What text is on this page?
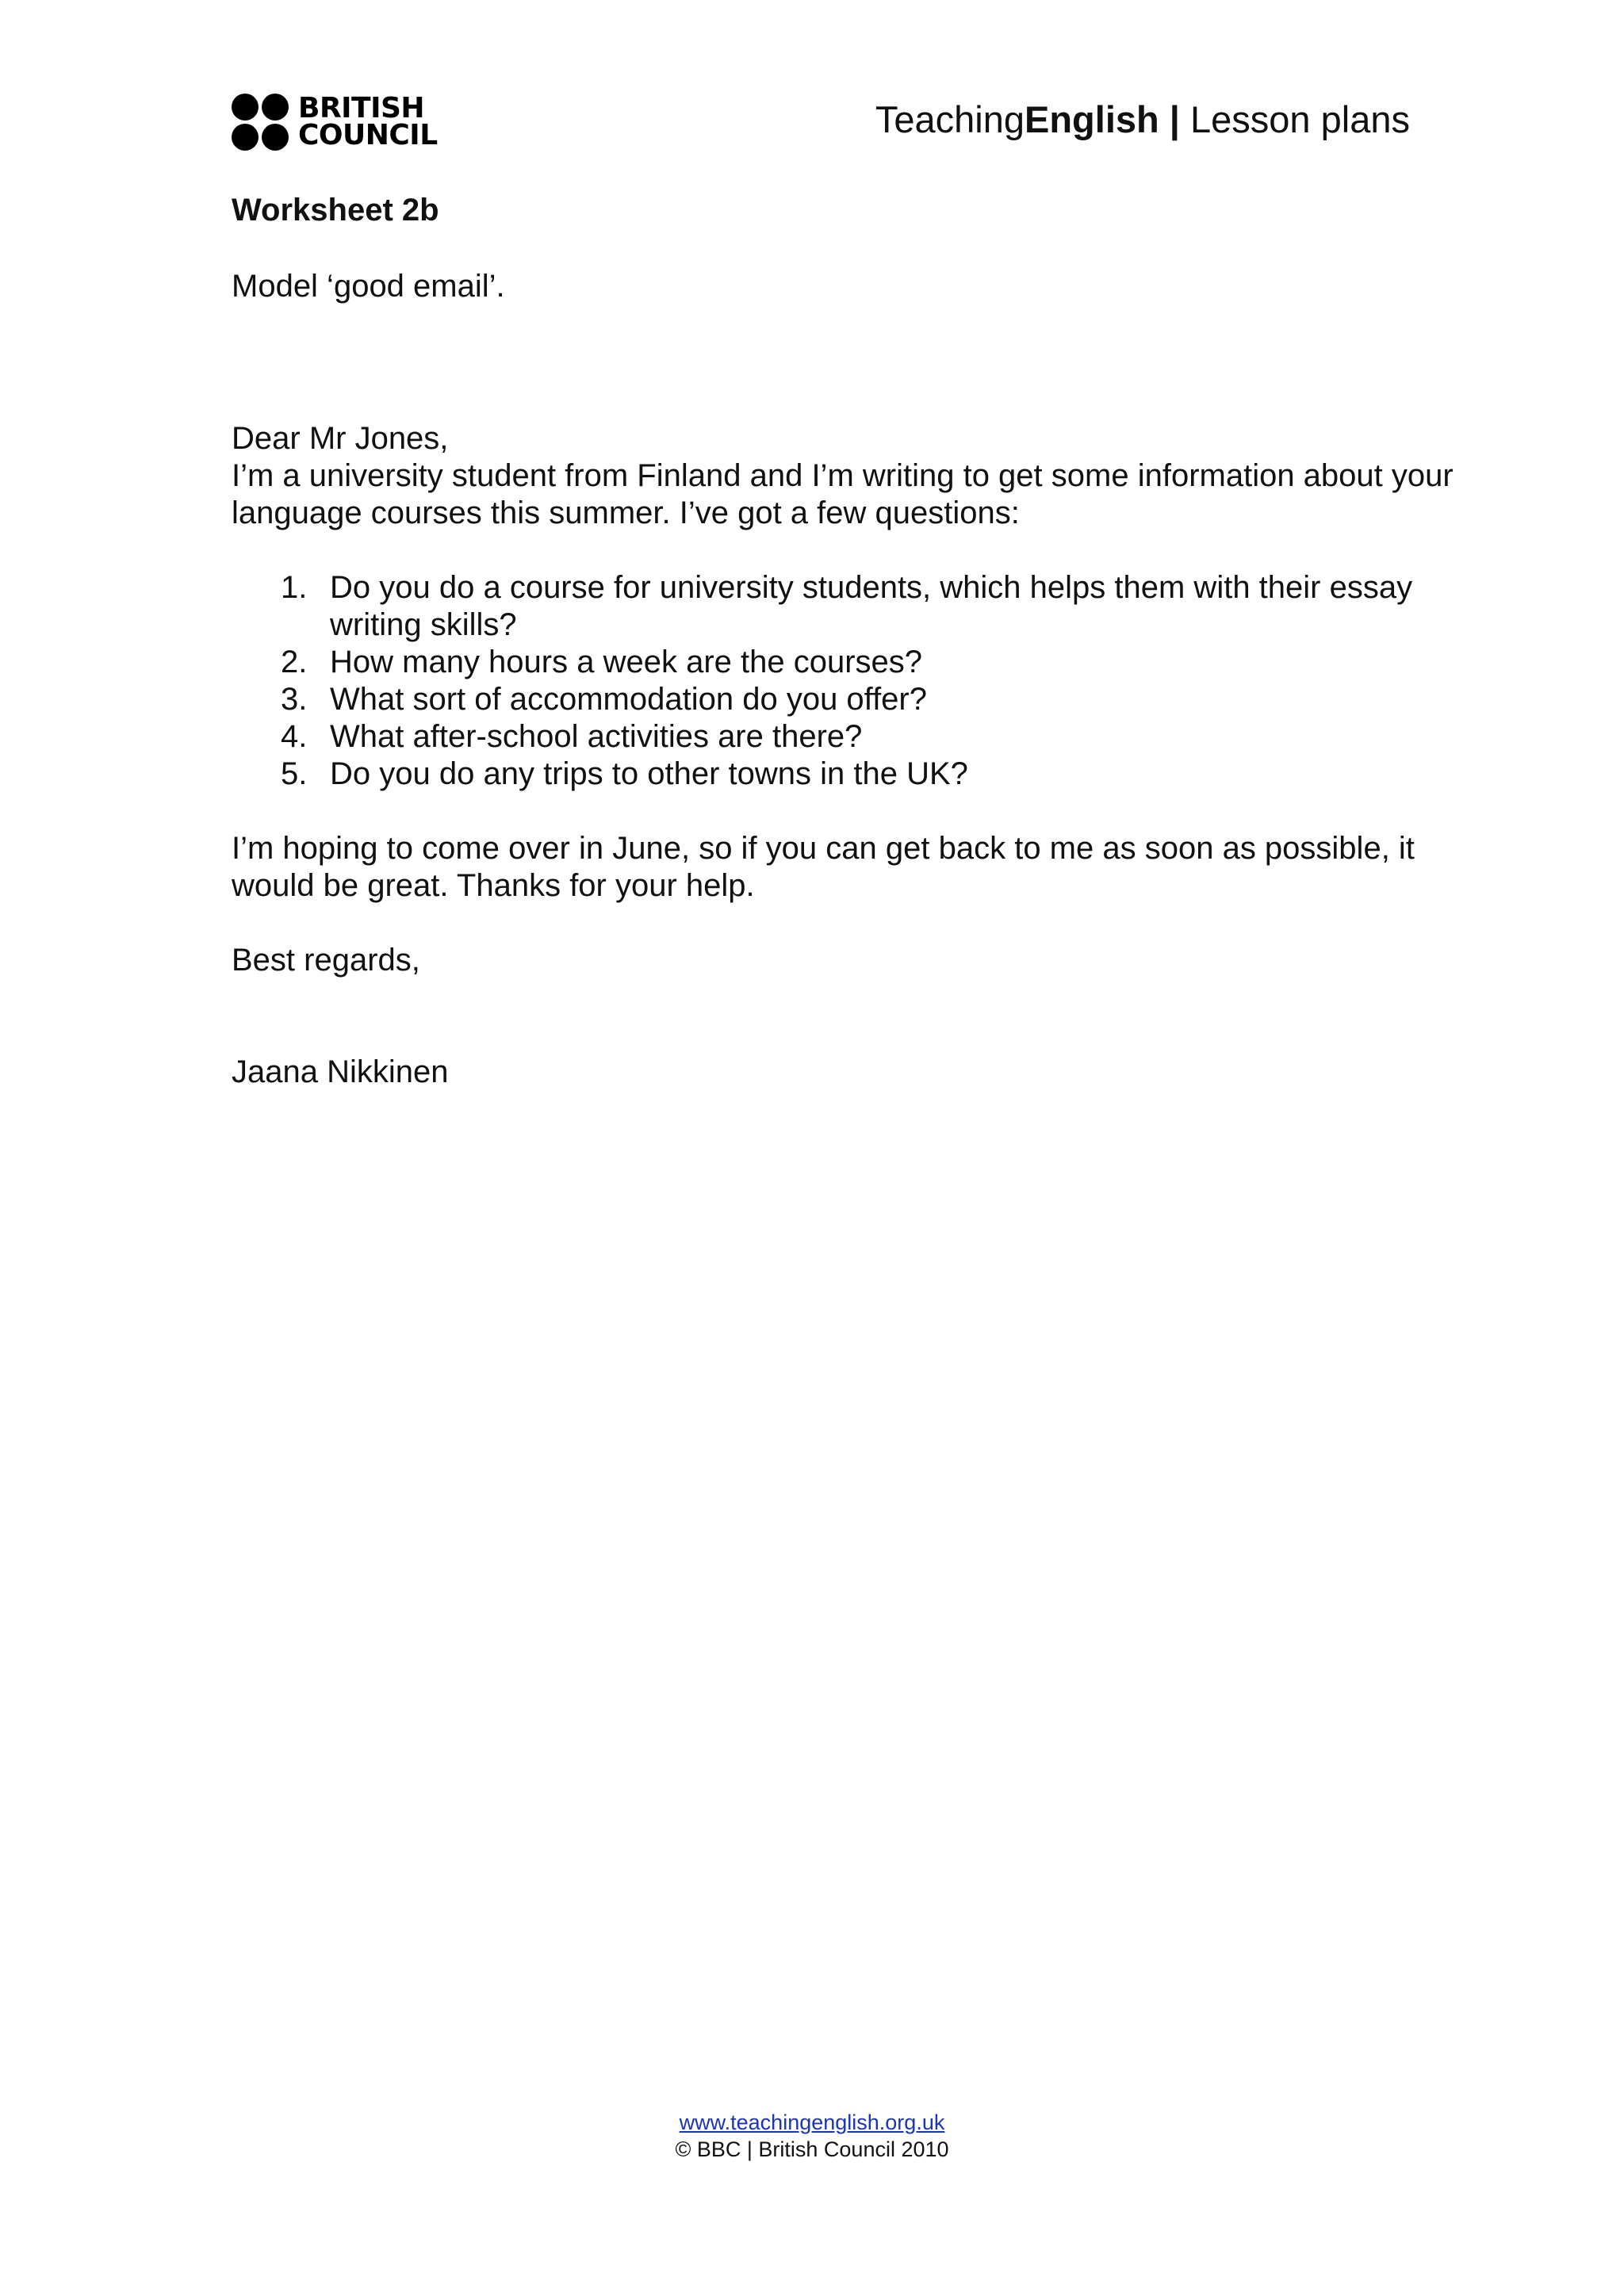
BRITISH
COUNCIL	TeachingEnglish | Lesson plans
Worksheet 2b
Model ‘good email’.

Dear Mr Jones,

I’m a university student from Finland and I’m writing to get some information about your language courses this summer. I’ve got a few questions:

1. Do you do a course for university students, which helps them with their essay writing skills?
2. How many hours a week are the courses?
3. What sort of accommodation do you offer?
4. What after-school activities are there?
5. Do you do any trips to other towns in the UK?

I’m hoping to come over in June, so if you can get back to me as soon as possible, it would be great. Thanks for your help.

Best regards,

Jaana Nikkinen

www.teachingenglish.org.uk
© BBC | British Council 2010
